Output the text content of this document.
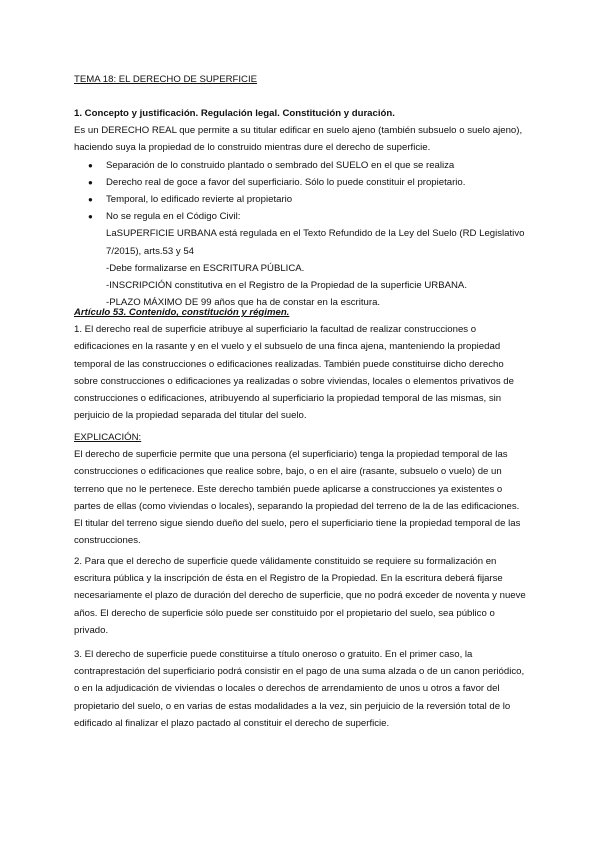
TEMA 18: EL DERECHO DE SUPERFICIE

1. Concepto y justificación. Regulación legal. Constitución y duración.

Es un DERECHO REAL que permite a su titular edificar en suelo ajeno (también subsuelo o suelo ajeno), haciendo suya la propiedad de lo construido mientras dure el derecho de superficie.

● Separación de lo construido plantado o sembrado del SUELO en el que se realiza
● Derecho real de goce a favor del superficiario. Sólo lo puede constituir el propietario.
● Temporal, lo edificado revierte al propietario
● No se regula en el Código Civil:

LaSUPERFICIE URBANA está regulada en el Texto Refundido de la Ley del Suelo (RD Legislativo 7/2015), arts.53 y 54

-Debe formalizarse en ESCRITURA PÚBLICA.

-INSCRIPCIÓN constitutiva en el Registro de la Propiedad de la superficie URBANA.

-PLAZO MÁXIMO DE 99 años que ha de constar en la escritura.

Artículo 53. Contenido, constitución y régimen.

1. El derecho real de superficie atribuye al superficiario la facultad de realizar construcciones o edificaciones en la rasante y en el vuelo y el subsuelo de una finca ajena, manteniendo la propiedad temporal de las construcciones o edificaciones realizadas. También puede constituirse dicho derecho sobre construcciones o edificaciones ya realizadas o sobre viviendas, locales o elementos privativos de construcciones o edificaciones, atribuyendo al superficiario la propiedad temporal de las mismas, sin perjuicio de la propiedad separada del titular del suelo.

EXPLICACIÓN:

El derecho de superficie permite que una persona (el superficiario) tenga la propiedad temporal de las construcciones o edificaciones que realice sobre, bajo, o en el aire (rasante, subsuelo o vuelo) de un terreno que no le pertenece. Este derecho también puede aplicarse a construcciones ya existentes o partes de ellas (como viviendas o locales), separando la propiedad del terreno de la de las edificaciones. El titular del terreno sigue siendo dueño del suelo, pero el superficiario tiene la propiedad temporal de las construcciones.

2. Para que el derecho de superficie quede válidamente constituido se requiere su formalización en escritura pública y la inscripción de ésta en el Registro de la Propiedad. En la escritura deberá fijarse necesariamente el plazo de duración del derecho de superficie, que no podrá exceder de noventa y nueve años. El derecho de superficie sólo puede ser constituido por el propietario del suelo, sea público o privado.

3. El derecho de superficie puede constituirse a título oneroso o gratuito. En el primer caso, la contraprestación del superficiario podrá consistir en el pago de una suma alzada o de un canon periódico, o en la adjudicación de viviendas o locales o derechos de arrendamiento de unos u otros a favor del propietario del suelo, o en varias de estas modalidades a la vez, sin perjuicio de la reversión total de lo edificado al finalizar el plazo pactado al constituir el derecho de superficie.
